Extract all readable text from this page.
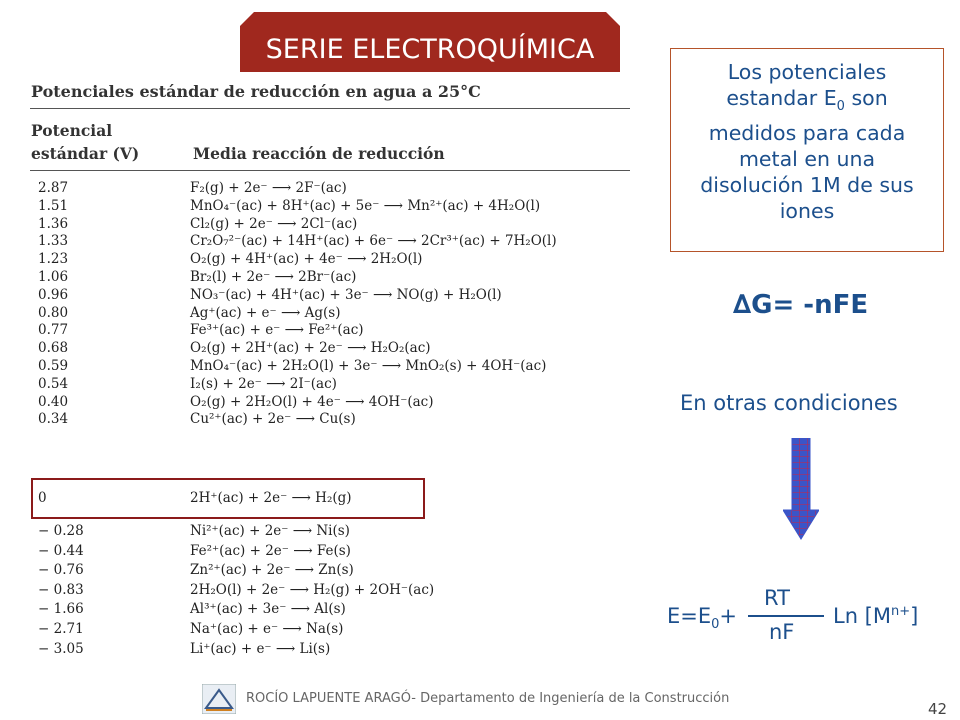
SERIE ELECTROQUÍMICA
Potenciales estándar de reducción en agua a 25°C
Potencial
estándar (V)	Media reacción de reducción
2.87	F₂(g) + 2e⁻ ⟶ 2F⁻(ac)
1.51	MnO₄⁻(ac) + 8H⁺(ac) + 5e⁻ ⟶ Mn²⁺(ac) + 4H₂O(l)
1.36	Cl₂(g) + 2e⁻ ⟶ 2Cl⁻(ac)
1.33	Cr₂O₇²⁻(ac) + 14H⁺(ac) + 6e⁻ ⟶ 2Cr³⁺(ac) + 7H₂O(l)
1.23	O₂(g) + 4H⁺(ac) + 4e⁻ ⟶ 2H₂O(l)
1.06	Br₂(l) + 2e⁻ ⟶ 2Br⁻(ac)
0.96	NO₃⁻(ac) + 4H⁺(ac) + 3e⁻ ⟶ NO(g) + H₂O(l)
0.80	Ag⁺(ac) + e⁻ ⟶ Ag(s)
0.77	Fe³⁺(ac) + e⁻ ⟶ Fe²⁺(ac)
0.68	O₂(g) + 2H⁺(ac) + 2e⁻ ⟶ H₂O₂(ac)
0.59	MnO₄⁻(ac) + 2H₂O(l) + 3e⁻ ⟶ MnO₂(s) + 4OH⁻(ac)
0.54	I₂(s) + 2e⁻ ⟶ 2I⁻(ac)
0.40	O₂(g) + 2H₂O(l) + 4e⁻ ⟶ 4OH⁻(ac)
0.34	Cu²⁺(ac) + 2e⁻ ⟶ Cu(s)
0	2H⁺(ac) + 2e⁻ ⟶ H₂(g)
− 0.28	Ni²⁺(ac) + 2e⁻ ⟶ Ni(s)
− 0.44	Fe²⁺(ac) + 2e⁻ ⟶ Fe(s)
− 0.76	Zn²⁺(ac) + 2e⁻ ⟶ Zn(s)
− 0.83	2H₂O(l) + 2e⁻ ⟶ H₂(g) + 2OH⁻(ac)
− 1.66	Al³⁺(ac) + 3e⁻ ⟶ Al(s)
− 2.71	Na⁺(ac) + e⁻ ⟶ Na(s)
− 3.05	Li⁺(ac) + e⁻ ⟶ Li(s)
Los potenciales
estandar $E_0$ son
medidos para cada
metal en una
disolución 1M de sus
iones
∆G= -nFE
En otras condiciones
$E=E_0+$
RT
nF
Ln $[M^{n+}]$
ROCÍO LAPUENTE ARAGÓ- Departamento de Ingeniería de la Construcción
42
